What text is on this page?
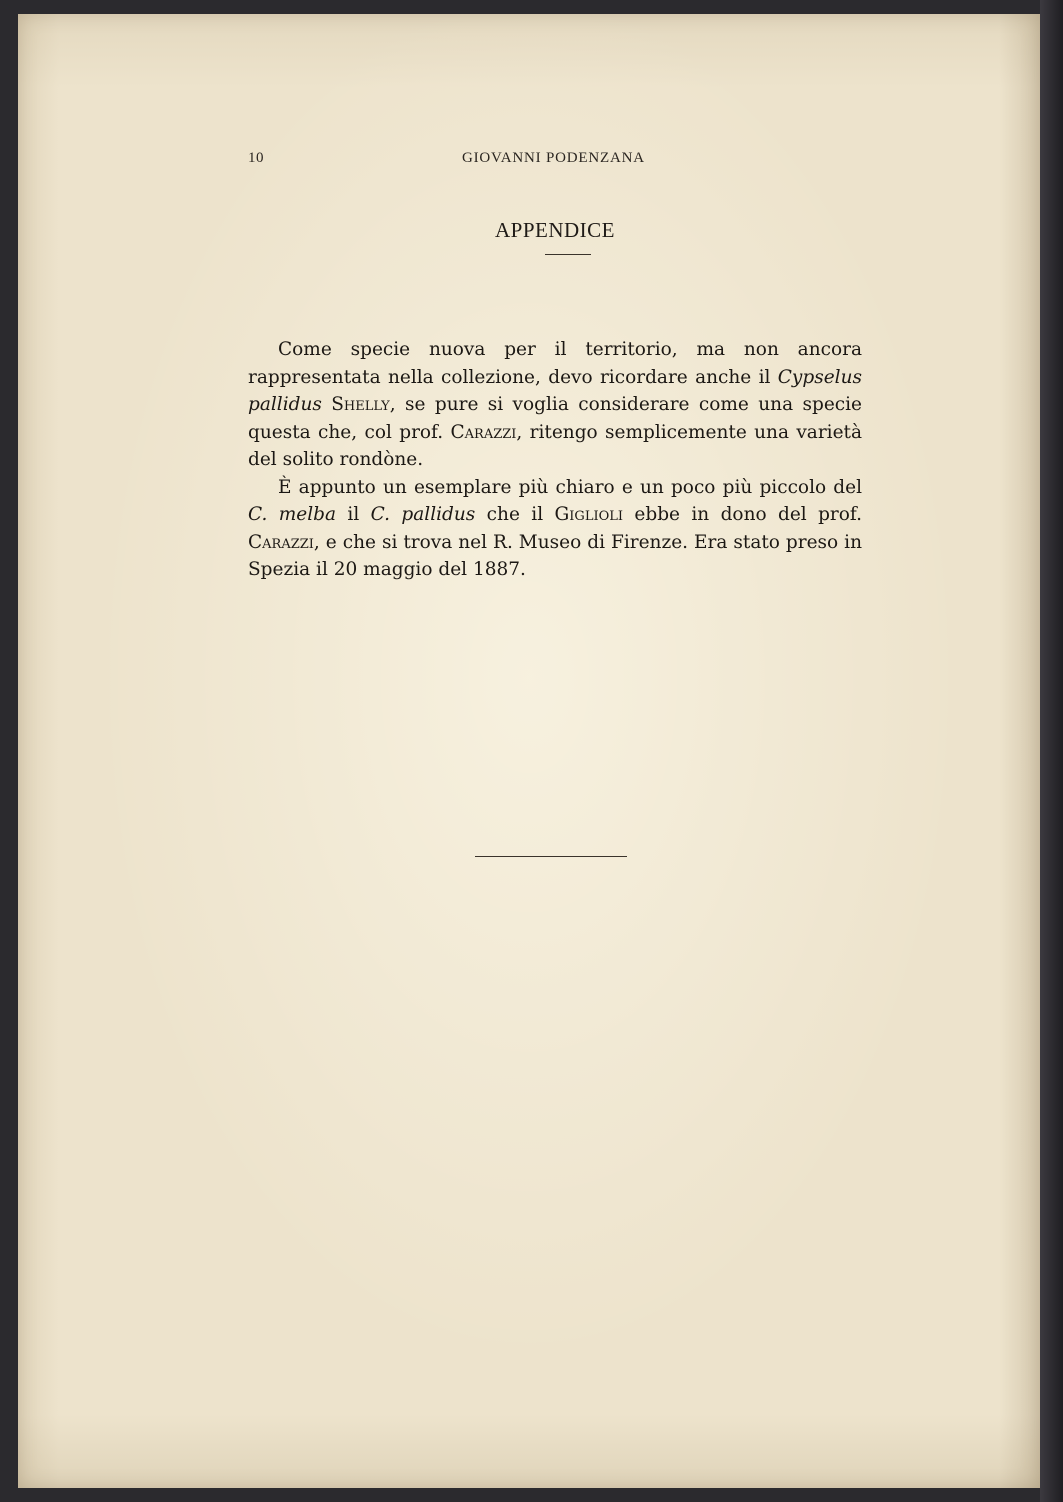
10	GIOVANNI PODENZANA
APPENDICE

Come specie nuova per il territorio, ma non ancora rappresentata nella collezione, devo ricordare anche il Cypselus pallidus Shelly, se pure si voglia considerare come una specie questa che, col prof. Carazzi, ritengo semplicemente una varietà del solito rondòne.

È appunto un esemplare più chiaro e un poco più piccolo del C. melba il C. pallidus che il Giglioli ebbe in dono del prof. Carazzi, e che si trova nel R. Museo di Firenze. Era stato preso in Spezia il 20 maggio del 1887.
